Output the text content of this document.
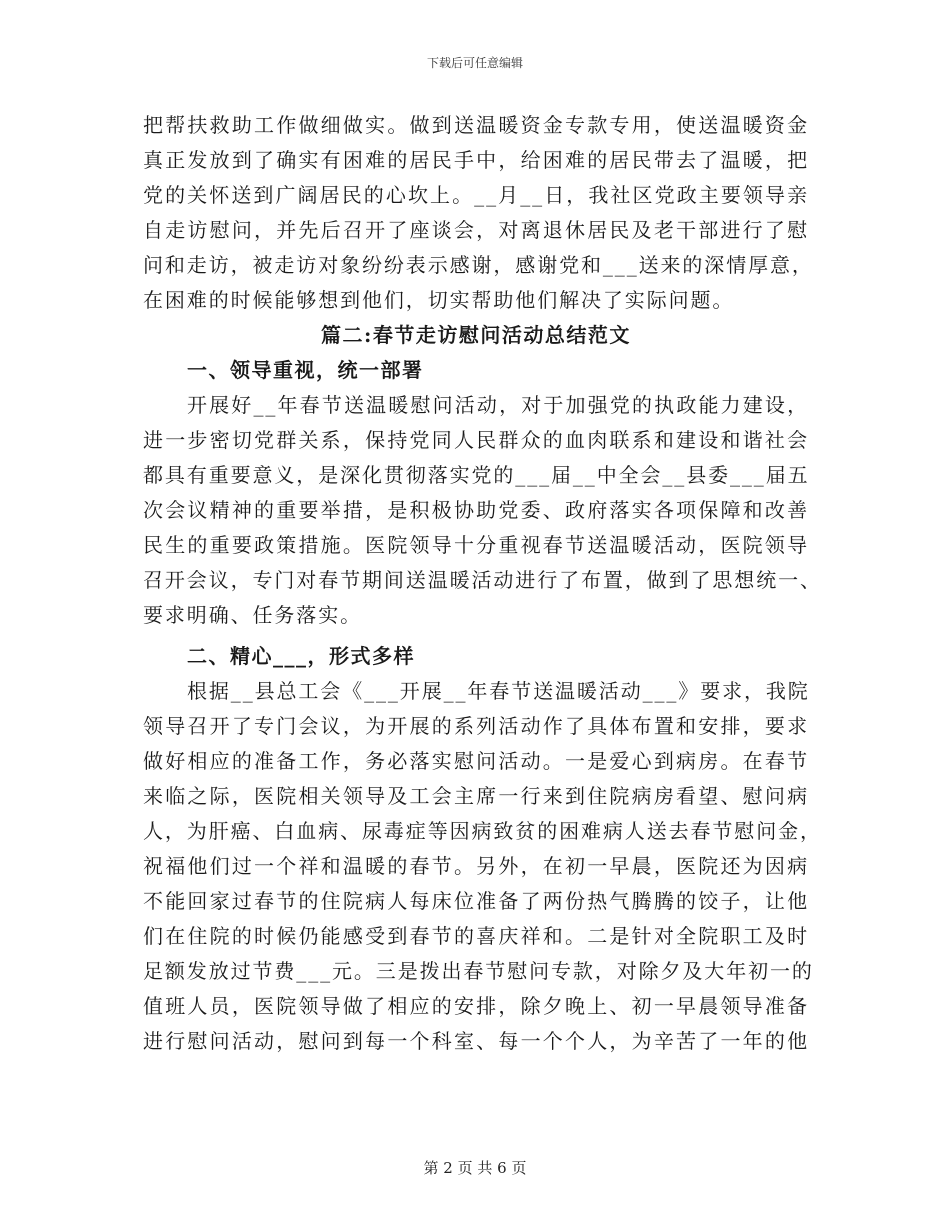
下载后可任意编辑
把帮扶救助工作做细做实。做到送温暖资金专款专用，使送温暖资金
真正发放到了确实有困难的居民手中，给困难的居民带去了温暖，把
党的关怀送到广阔居民的心坎上。__月__日，我社区党政主要领导亲
自走访慰问，并先后召开了座谈会，对离退休居民及老干部进行了慰
问和走访，被走访对象纷纷表示感谢，感谢党和___送来的深情厚意，
在困难的时候能够想到他们，切实帮助他们解决了实际问题。
篇二:春节走访慰问活动总结范文
一、领导重视，统一部署
开展好__年春节送温暖慰问活动，对于加强党的执政能力建设，
进一步密切党群关系，保持党同人民群众的血肉联系和建设和谐社会
都具有重要意义，是深化贯彻落实党的___届__中全会__县委___届五
次会议精神的重要举措，是积极协助党委、政府落实各项保障和改善
民生的重要政策措施。医院领导十分重视春节送温暖活动，医院领导
召开会议，专门对春节期间送温暖活动进行了布置，做到了思想统一、
要求明确、任务落实。
二、精心___，形式多样
根据__县总工会《___开展__年春节送温暖活动___》要求，我院
领导召开了专门会议，为开展的系列活动作了具体布置和安排，要求
做好相应的准备工作，务必落实慰问活动。一是爱心到病房。在春节
来临之际，医院相关领导及工会主席一行来到住院病房看望、慰问病
人，为肝癌、白血病、尿毒症等因病致贫的困难病人送去春节慰问金，
祝福他们过一个祥和温暖的春节。另外，在初一早晨，医院还为因病
不能回家过春节的住院病人每床位准备了两份热气腾腾的饺子，让他
们在住院的时候仍能感受到春节的喜庆祥和。二是针对全院职工及时
足额发放过节费___元。三是拨出春节慰问专款，对除夕及大年初一的
值班人员，医院领导做了相应的安排，除夕晚上、初一早晨领导准备
进行慰问活动，慰问到每一个科室、每一个个人，为辛苦了一年的他
第 2 页 共 6 页
